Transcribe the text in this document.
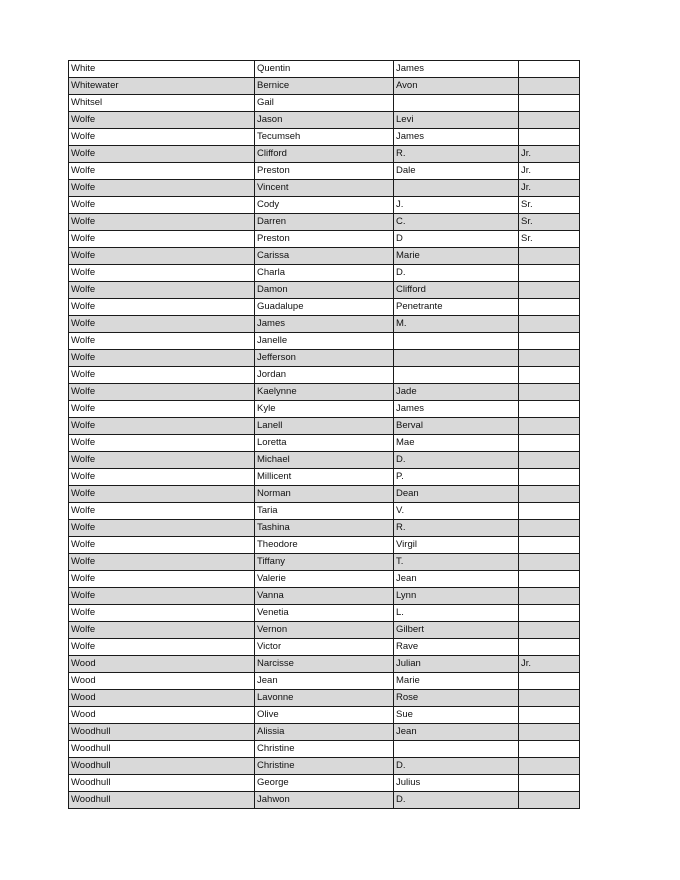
White	Quentin	James	
Whitewater	Bernice	Avon	
Whitsel	Gail		
Wolfe	Jason	Levi	
Wolfe	Tecumseh	James	
Wolfe	Clifford	R.	Jr.
Wolfe	Preston	Dale	Jr.
Wolfe	Vincent		Jr.
Wolfe	Cody	J.	Sr.
Wolfe	Darren	C.	Sr.
Wolfe	Preston	D	Sr.
Wolfe	Carissa	Marie	
Wolfe	Charla	D.	
Wolfe	Damon	Clifford	
Wolfe	Guadalupe	Penetrante	
Wolfe	James	M.	
Wolfe	Janelle		
Wolfe	Jefferson		
Wolfe	Jordan		
Wolfe	Kaelynne	Jade	
Wolfe	Kyle	James	
Wolfe	Lanell	Berval	
Wolfe	Loretta	Mae	
Wolfe	Michael	D.	
Wolfe	Millicent	P.	
Wolfe	Norman	Dean	
Wolfe	Taria	V.	
Wolfe	Tashina	R.	
Wolfe	Theodore	Virgil	
Wolfe	Tiffany	T.	
Wolfe	Valerie	Jean	
Wolfe	Vanna	Lynn	
Wolfe	Venetia	L.	
Wolfe	Vernon	Gilbert	
Wolfe	Victor	Rave	
Wood	Narcisse	Julian	Jr.
Wood	Jean	Marie	
Wood	Lavonne	Rose	
Wood	Olive	Sue	
Woodhull	Alissia	Jean	
Woodhull	Christine		
Woodhull	Christine	D.	
Woodhull	George	Julius	
Woodhull	Jahwon	D.	
